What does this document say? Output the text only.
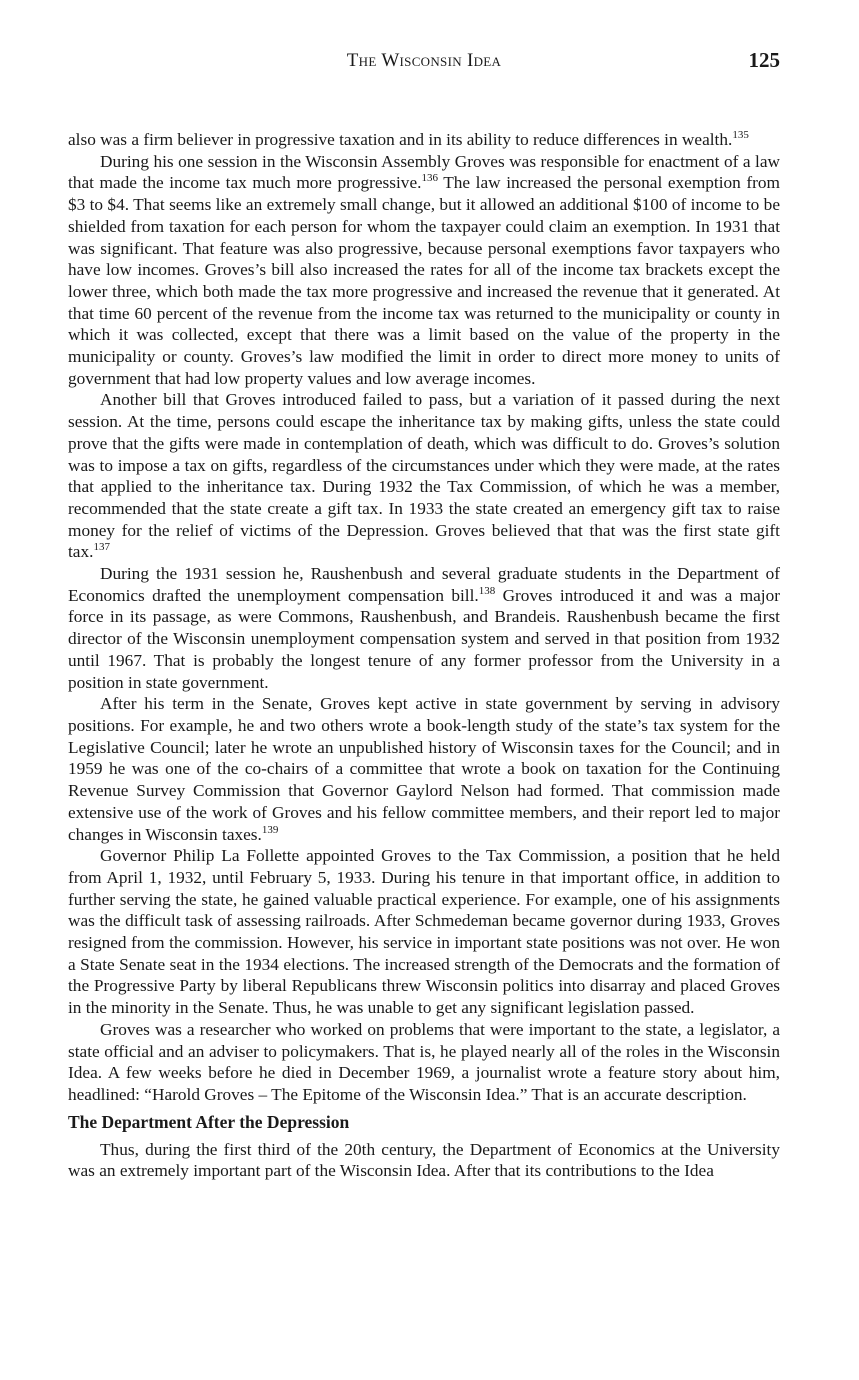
The Wisconsin Idea	125

also was a firm believer in progressive taxation and in its ability to reduce differences in wealth.$^{135}$

During his one session in the Wisconsin Assembly Groves was responsible for enactment of a law that made the income tax much more progressive.$^{136}$ The law increased the personal exemption from $3 to $4. That seems like an extremely small change, but it allowed an additional $100 of income to be shielded from taxation for each person for whom the taxpayer could claim an exemption. In 1931 that was significant. That feature was also progressive, because personal exemptions favor taxpayers who have low incomes. Groves’s bill also increased the rates for all of the income tax brackets except the lower three, which both made the tax more progressive and increased the revenue that it generated. At that time 60 percent of the revenue from the income tax was returned to the municipality or county in which it was collected, except that there was a limit based on the value of the property in the municipality or county. Groves’s law modified the limit in order to direct more money to units of government that had low property values and low average incomes.

Another bill that Groves introduced failed to pass, but a variation of it passed during the next session. At the time, persons could escape the inheritance tax by making gifts, unless the state could prove that the gifts were made in contemplation of death, which was difficult to do. Groves’s solution was to impose a tax on gifts, regardless of the circumstances under which they were made, at the rates that applied to the inheritance tax. During 1932 the Tax Commission, of which he was a member, recommended that the state create a gift tax. In 1933 the state created an emergency gift tax to raise money for the relief of victims of the Depression. Groves believed that that was the first state gift tax.$^{137}$

During the 1931 session he, Raushenbush and several graduate students in the Department of Economics drafted the unemployment compensation bill.$^{138}$ Groves introduced it and was a major force in its passage, as were Commons, Raushenbush, and Brandeis. Raushenbush became the first director of the Wisconsin unemployment compensation system and served in that position from 1932 until 1967. That is probably the longest tenure of any former professor from the University in a position in state government.

After his term in the Senate, Groves kept active in state government by serving in advisory positions. For example, he and two others wrote a book-length study of the state’s tax system for the Legislative Council; later he wrote an unpublished history of Wisconsin taxes for the Council; and in 1959 he was one of the co-chairs of a committee that wrote a book on taxation for the Continuing Revenue Survey Commission that Governor Gaylord Nelson had formed. That commission made extensive use of the work of Groves and his fellow committee members, and their report led to major changes in Wisconsin taxes.$^{139}$

Governor Philip La Follette appointed Groves to the Tax Commission, a position that he held from April 1, 1932, until February 5, 1933. During his tenure in that important office, in addition to further serving the state, he gained valuable practical experience. For example, one of his assignments was the difficult task of assessing railroads. After Schmedeman became governor during 1933, Groves resigned from the commission. However, his service in important state positions was not over. He won a State Senate seat in the 1934 elections. The increased strength of the Democrats and the formation of the Progressive Party by liberal Republicans threw Wisconsin politics into disarray and placed Groves in the minority in the Senate. Thus, he was unable to get any significant legislation passed.

Groves was a researcher who worked on problems that were important to the state, a legislator, a state official and an adviser to policymakers. That is, he played nearly all of the roles in the Wisconsin Idea. A few weeks before he died in December 1969, a journalist wrote a feature story about him, headlined: “Harold Groves – The Epitome of the Wisconsin Idea.” That is an accurate description.

The Department After the Depression

Thus, during the first third of the 20th century, the Department of Economics at the University was an extremely important part of the Wisconsin Idea. After that its contributions to the Idea
